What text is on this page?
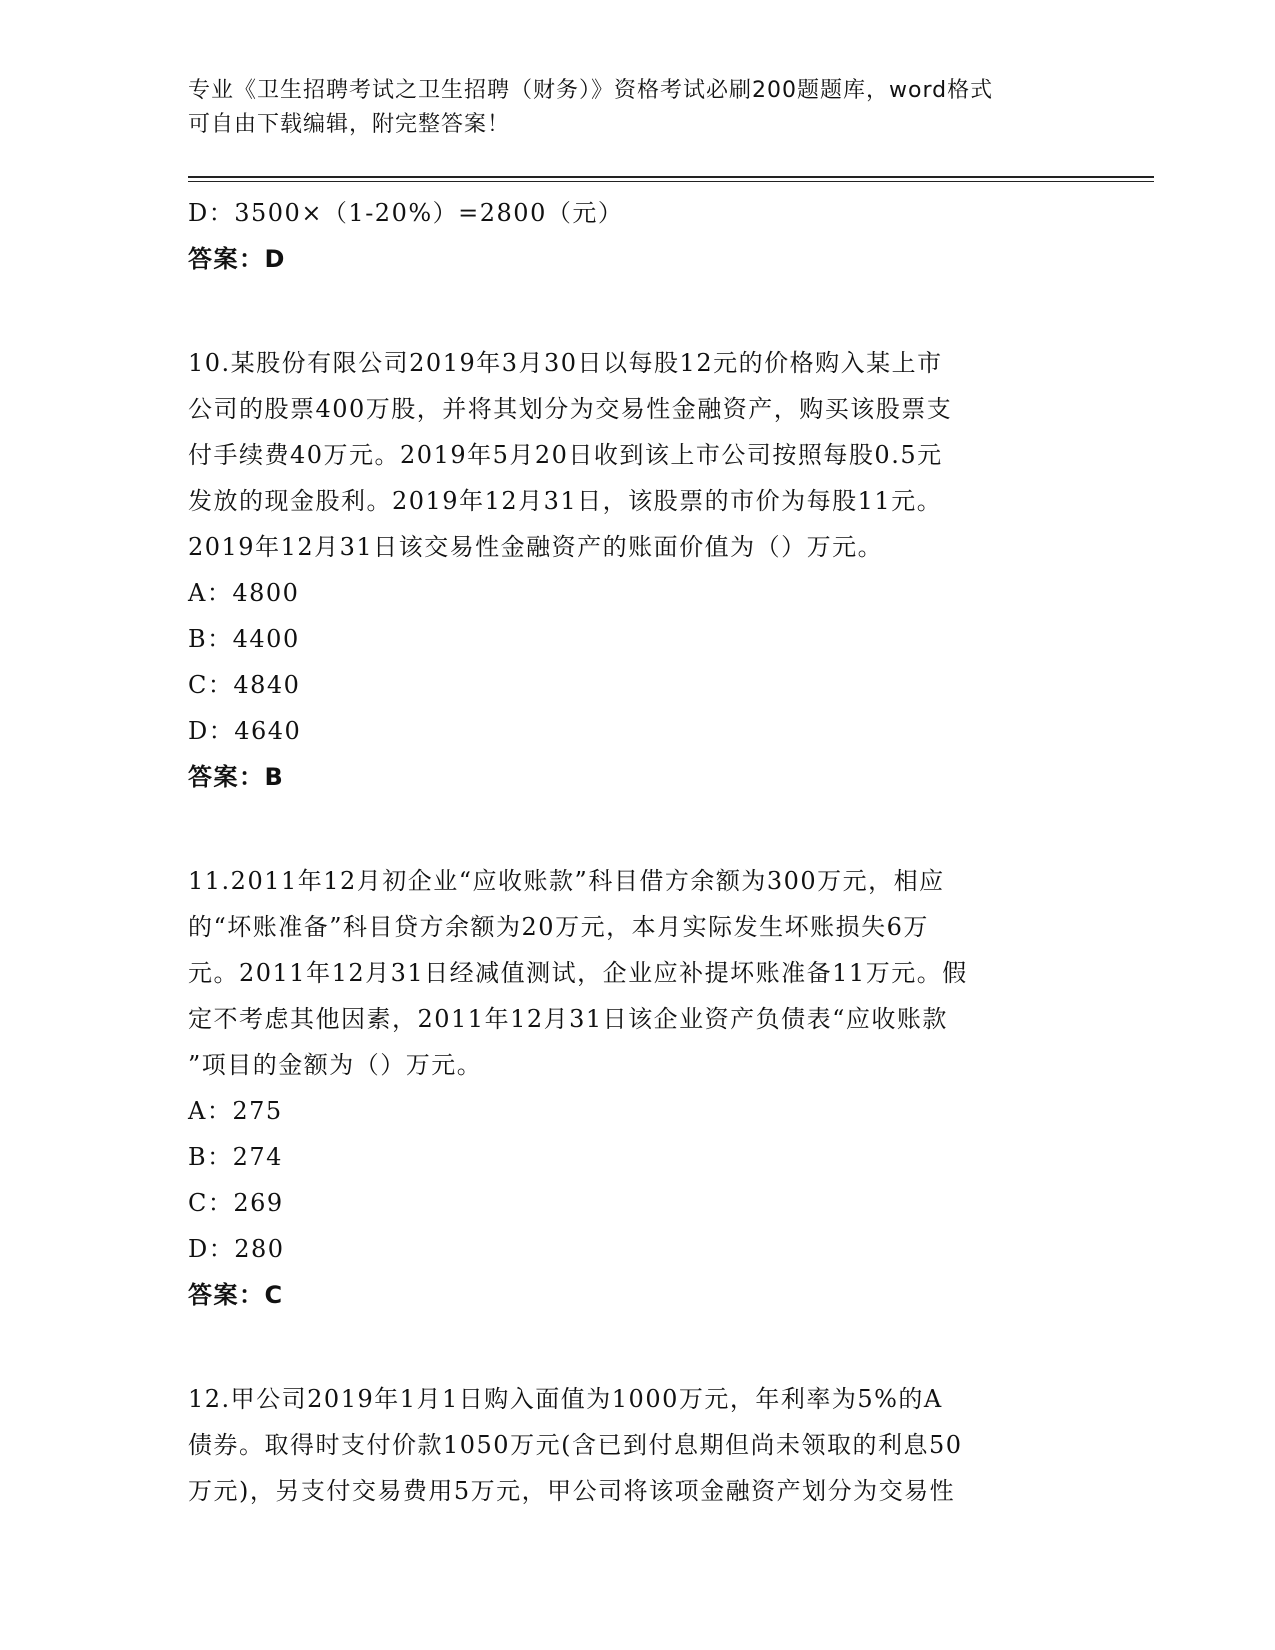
专业《卫生招聘考试之卫生招聘（财务）》资格考试必刷200题题库，word格式
可自由下载编辑，附完整答案！
D：3500×（1-20%）=2800（元）
答案：D
10.某股份有限公司2019年3月30日以每股12元的价格购入某上市
公司的股票400万股，并将其划分为交易性金融资产，购买该股票支
付手续费40万元。2019年5月20日收到该上市公司按照每股0.5元
发放的现金股利。2019年12月31日，该股票的市价为每股11元。
2019年12月31日该交易性金融资产的账面价值为（）万元。
A：4800
B：4400
C：4840
D：4640
答案：B
11.2011年12月初企业“应收账款”科目借方余额为300万元，相应
的“坏账准备”科目贷方余额为20万元，本月实际发生坏账损失6万
元。2011年12月31日经减值测试，企业应补提坏账准备11万元。假
定不考虑其他因素，2011年12月31日该企业资产负债表“应收账款
”项目的金额为（）万元。
A：275
B：274
C：269
D：280
答案：C
12.甲公司2019年1月1日购入面值为1000万元，年利率为5%的A
债券。取得时支付价款1050万元(含已到付息期但尚未领取的利息50
万元)，另支付交易费用5万元，甲公司将该项金融资产划分为交易性
